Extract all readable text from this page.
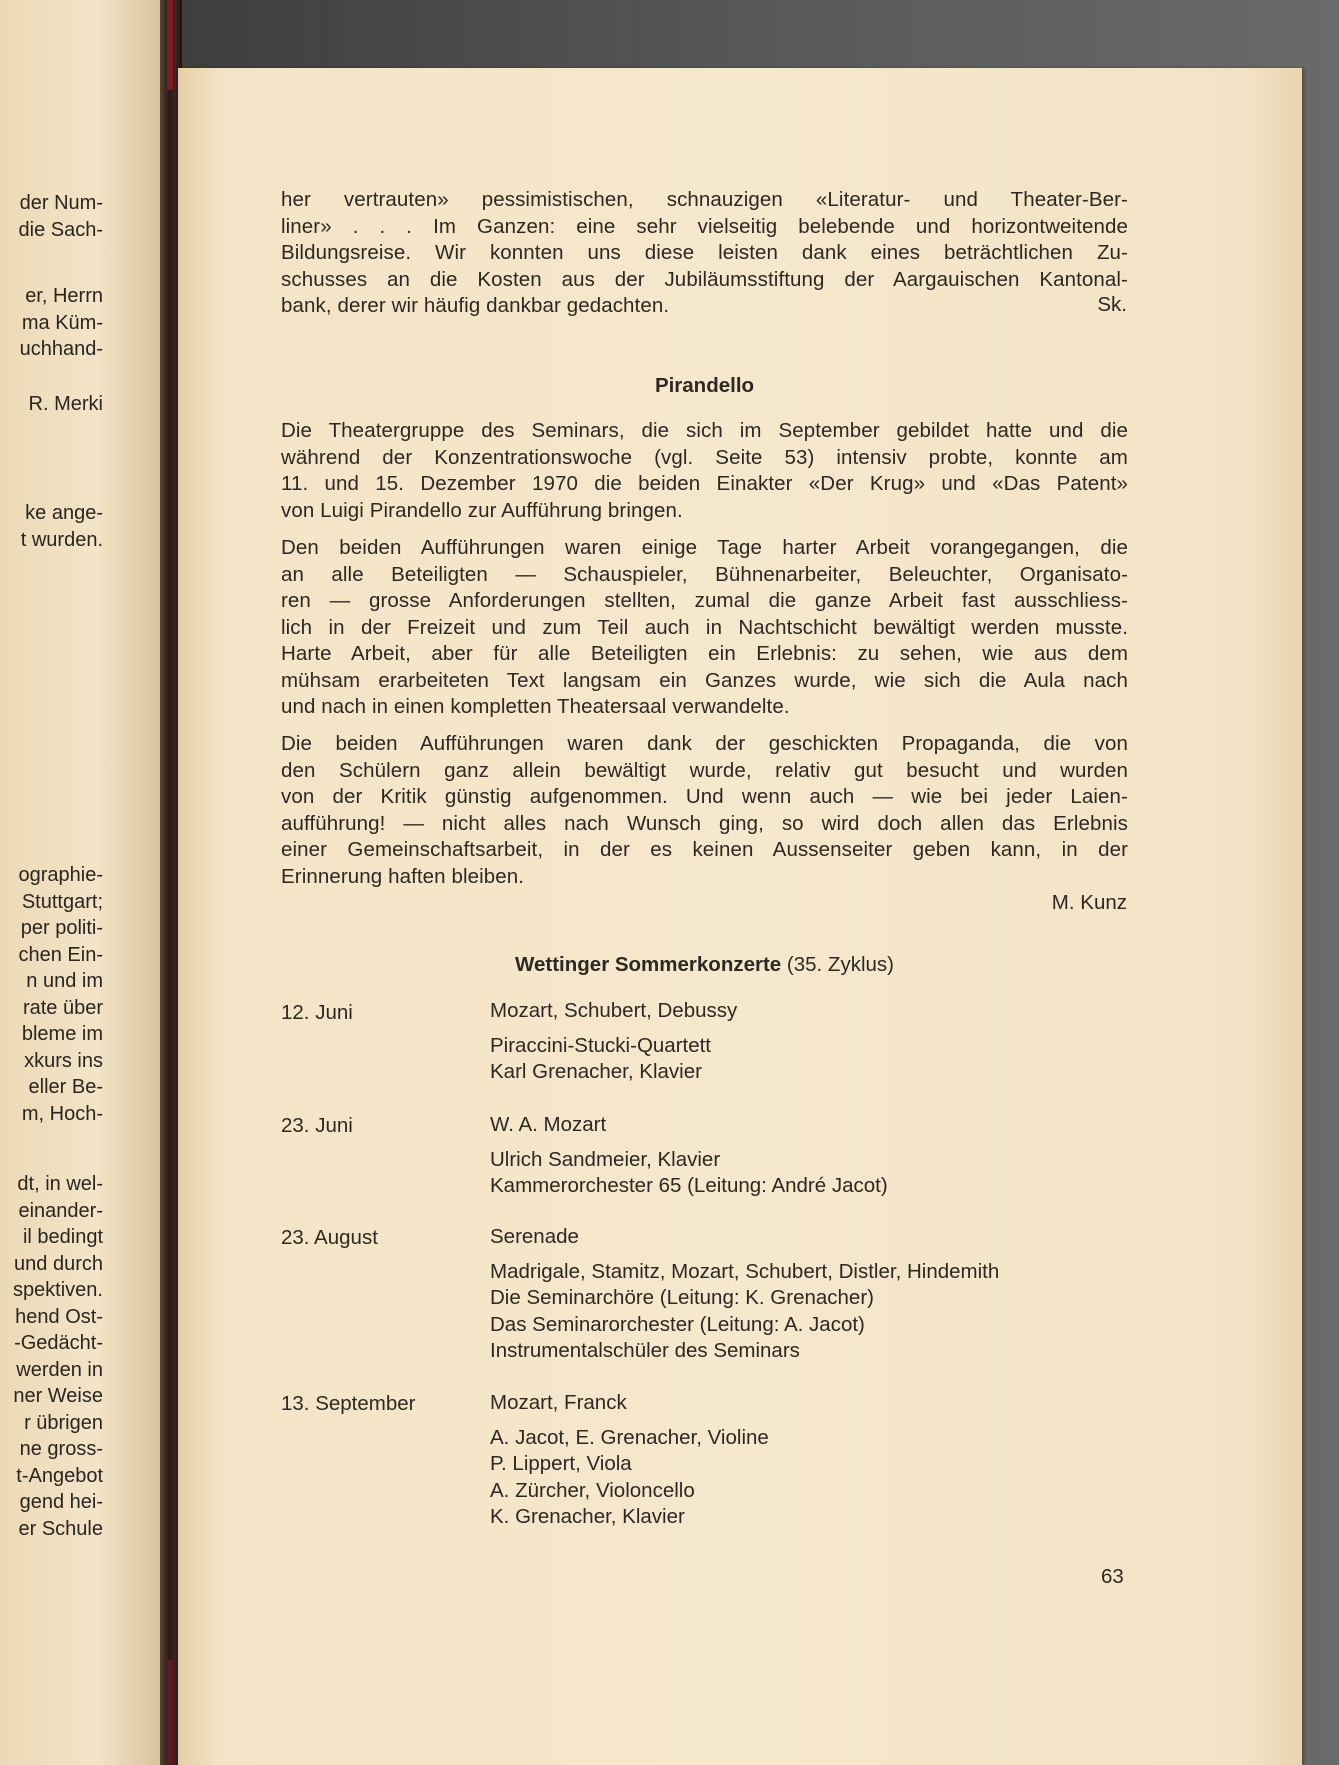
der Num-
die Sach-
er, Herrn
ma Küm-
uchhand-
R. Merki
ke ange-
t wurden.
ographie-
Stuttgart;
per politi-
chen Ein-
n und im
rate über
bleme im
xkurs ins
eller Be-
m, Hoch-
dt, in wel-
einander-
il bedingt
und durch
spektiven.
hend Ost-
-Gedächt-
werden in
ner Weise
r übrigen
ne gross-
t-Angebot
gend hei-
er Schule
her vertrauten» pessimistischen, schnauzigen «Literatur- und Theater-Ber-
liner» . . . Im Ganzen: eine sehr vielseitig belebende und horizontweitende
Bildungsreise. Wir konnten uns diese leisten dank eines beträchtlichen Zu-
schusses an die Kosten aus der Jubiläumsstiftung der Aargauischen Kantonal-
bank, derer wir häufig dankbar gedachten.	Sk.
Pirandello
Die Theatergruppe des Seminars, die sich im September gebildet hatte und die
während der Konzentrationswoche (vgl. Seite 53) intensiv probte, konnte am
11. und 15. Dezember 1970 die beiden Einakter «Der Krug» und «Das Patent»
von Luigi Pirandello zur Aufführung bringen.
Den beiden Aufführungen waren einige Tage harter Arbeit vorangegangen, die
an alle Beteiligten — Schauspieler, Bühnenarbeiter, Beleuchter, Organisato-
ren — grosse Anforderungen stellten, zumal die ganze Arbeit fast ausschliess-
lich in der Freizeit und zum Teil auch in Nachtschicht bewältigt werden musste.
Harte Arbeit, aber für alle Beteiligten ein Erlebnis: zu sehen, wie aus dem
mühsam erarbeiteten Text langsam ein Ganzes wurde, wie sich die Aula nach
und nach in einen kompletten Theatersaal verwandelte.
Die beiden Aufführungen waren dank der geschickten Propaganda, die von
den Schülern ganz allein bewältigt wurde, relativ gut besucht und wurden
von der Kritik günstig aufgenommen. Und wenn auch — wie bei jeder Laien-
aufführung! — nicht alles nach Wunsch ging, so wird doch allen das Erlebnis
einer Gemeinschaftsarbeit, in der es keinen Aussenseiter geben kann, in der
Erinnerung haften bleiben.
M. Kunz
Wettinger Sommerkonzerte (35. Zyklus)
12. Juni	Mozart, Schubert, Debussy
Piraccini-Stucki-Quartett
Karl Grenacher, Klavier
23. Juni	W. A. Mozart
Ulrich Sandmeier, Klavier
Kammerorchester 65 (Leitung: André Jacot)
23. August	Serenade
Madrigale, Stamitz, Mozart, Schubert, Distler, Hindemith
Die Seminarchöre (Leitung: K. Grenacher)
Das Seminarorchester (Leitung: A. Jacot)
Instrumentalschüler des Seminars
13. September	Mozart, Franck
A. Jacot, E. Grenacher, Violine
P. Lippert, Viola
A. Zürcher, Violoncello
K. Grenacher, Klavier
63
